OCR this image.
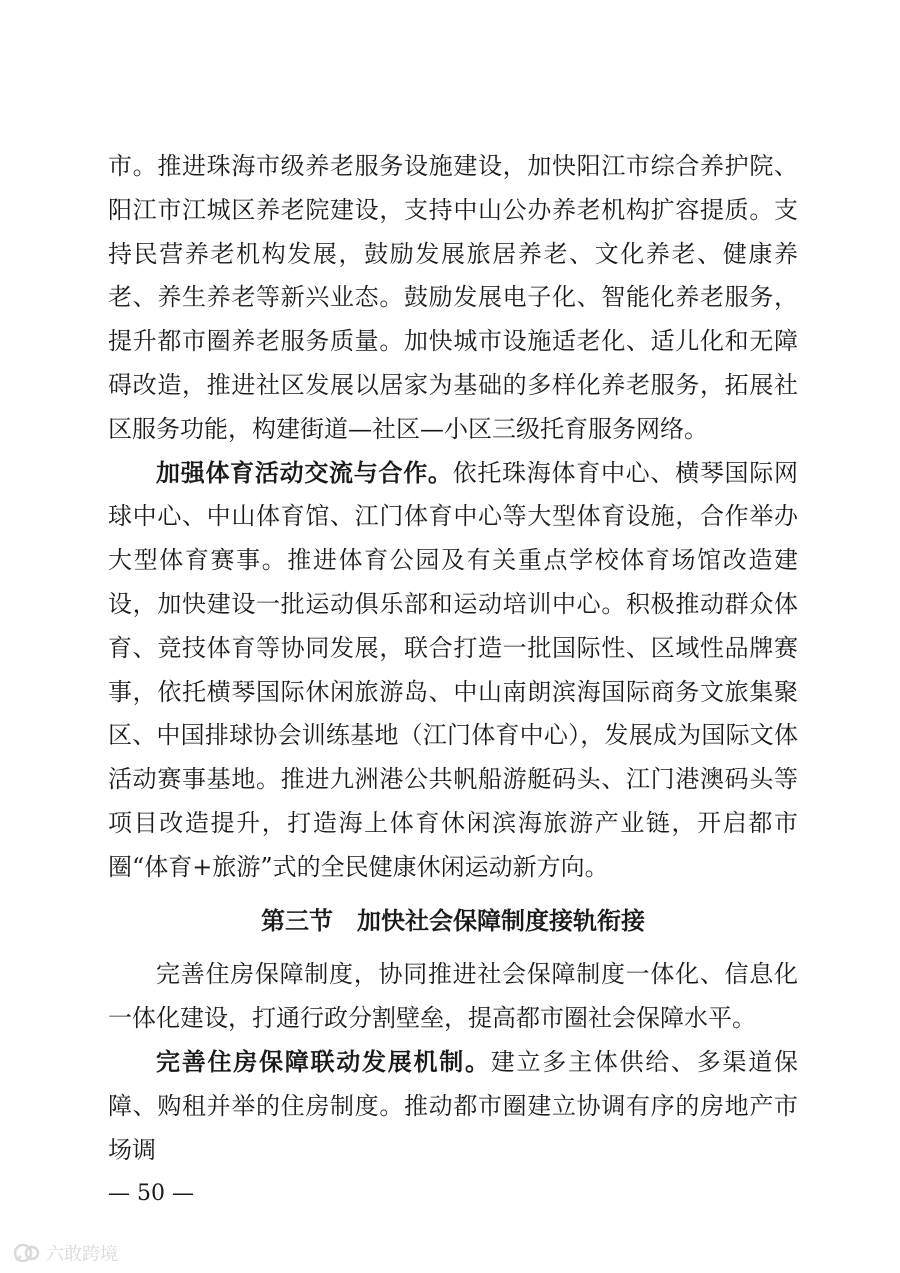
市。推进珠海市级养老服务设施建设，加快阳江市综合养护院、阳江市江城区养老院建设，支持中山公办养老机构扩容提质。支持民营养老机构发展，鼓励发展旅居养老、文化养老、健康养老、养生养老等新兴业态。鼓励发展电子化、智能化养老服务，提升都市圈养老服务质量。加快城市设施适老化、适儿化和无障碍改造，推进社区发展以居家为基础的多样化养老服务，拓展社区服务功能，构建街道—社区—小区三级托育服务网络。

加强体育活动交流与合作。依托珠海体育中心、横琴国际网球中心、中山体育馆、江门体育中心等大型体育设施，合作举办大型体育赛事。推进体育公园及有关重点学校体育场馆改造建设，加快建设一批运动俱乐部和运动培训中心。积极推动群众体育、竞技体育等协同发展，联合打造一批国际性、区域性品牌赛事，依托横琴国际休闲旅游岛、中山南朗滨海国际商务文旅集聚区、中国排球协会训练基地（江门体育中心），发展成为国际文体活动赛事基地。推进九洲港公共帆船游艇码头、江门港澳码头等项目改造提升，打造海上体育休闲滨海旅游产业链，开启都市圈“体育+旅游”式的全民健康休闲运动新方向。

第三节　加快社会保障制度接轨衔接

完善住房保障制度，协同推进社会保障制度一体化、信息化一体化建设，打通行政分割壁垒，提高都市圈社会保障水平。

完善住房保障联动发展机制。建立多主体供给、多渠道保障、购租并举的住房制度。推动都市圈建立协调有序的房地产市场调

— 50 —
六敢跨境
